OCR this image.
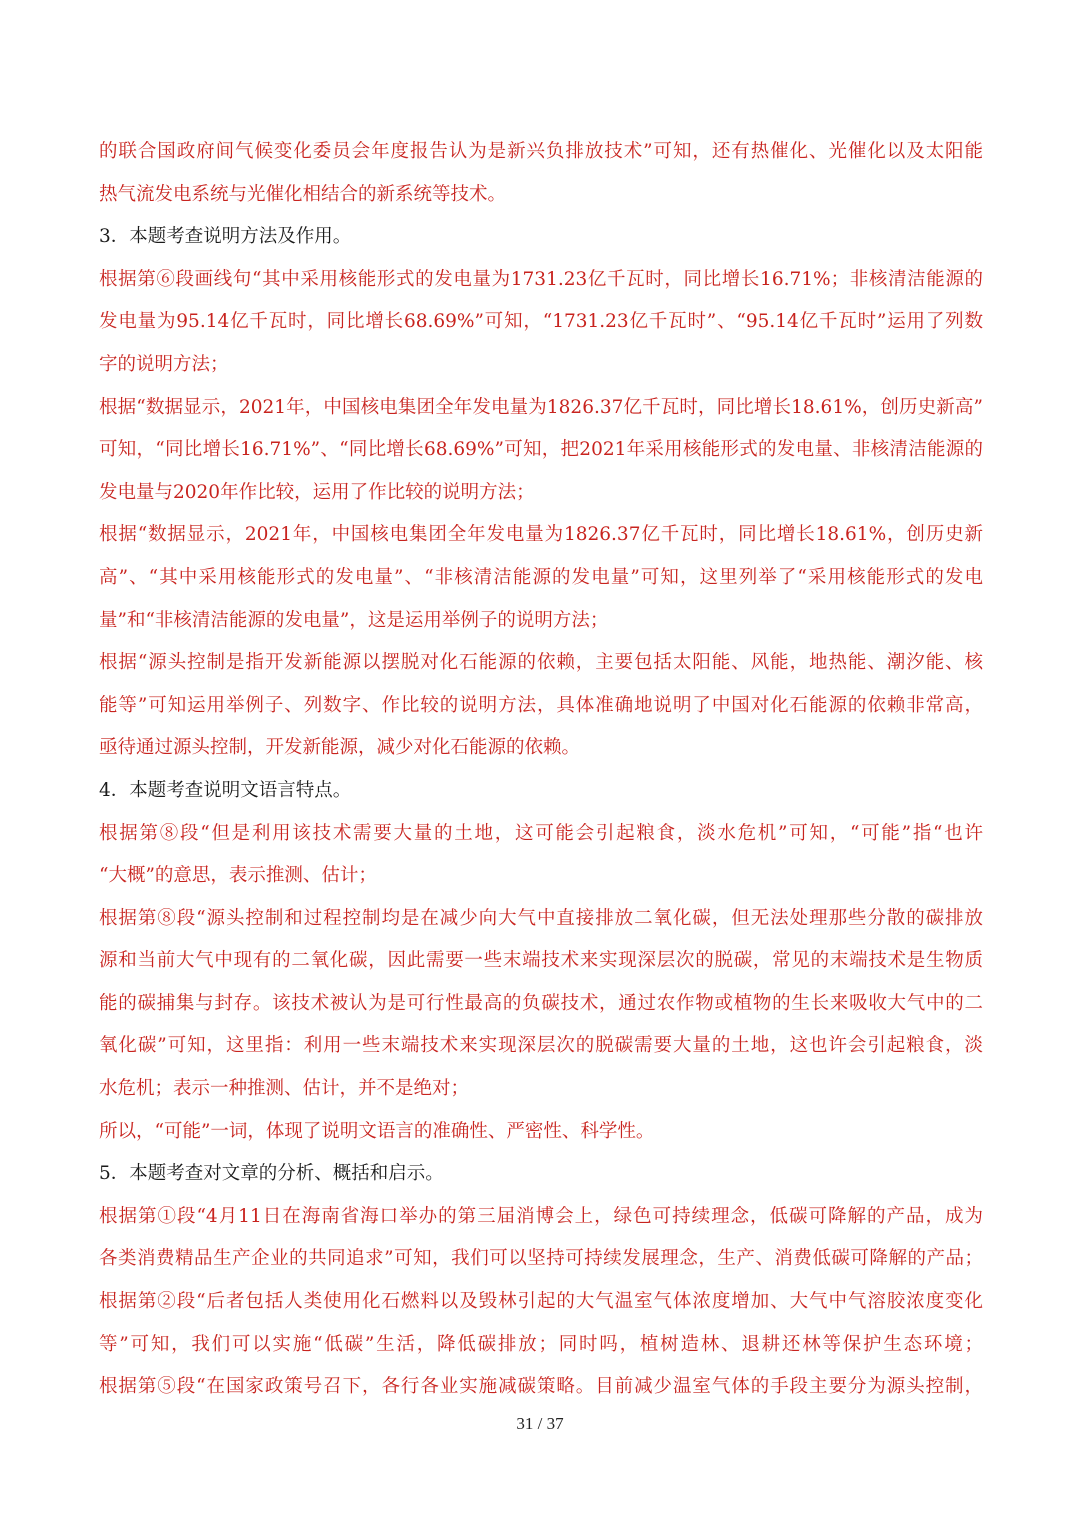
的联合国政府间气候变化委员会年度报告认为是新兴负排放技术”可知，还有热催化、光催化以及太阳能
热气流发电系统与光催化相结合的新系统等技术。
3．本题考查说明方法及作用。
根据第⑥段画线句“其中采用核能形式的发电量为1731.23亿千瓦时，同比增长16.71%；非核清洁能源的
发电量为95.14亿千瓦时，同比增长68.69%”可知，“1731.23亿千瓦时”、“95.14亿千瓦时”运用了列数
字的说明方法；
根据“数据显示，2021年，中国核电集团全年发电量为1826.37亿千瓦时，同比增长18.61%，创历史新高”
可知，“同比增长16.71%”、“同比增长68.69%”可知，把2021年采用核能形式的发电量、非核清洁能源的
发电量与2020年作比较，运用了作比较的说明方法；
根据“数据显示，2021年，中国核电集团全年发电量为1826.37亿千瓦时，同比增长18.61%，创历史新
高”、“其中采用核能形式的发电量”、“非核清洁能源的发电量”可知，这里列举了“采用核能形式的发电
量”和“非核清洁能源的发电量”，这是运用举例子的说明方法；
根据“源头控制是指开发新能源以摆脱对化石能源的依赖，主要包括太阳能、风能，地热能、潮汐能、核
能等”可知运用举例子、列数字、作比较的说明方法，具体准确地说明了中国对化石能源的依赖非常高，
亟待通过源头控制，开发新能源，减少对化石能源的依赖。
4．本题考查说明文语言特点。
根据第⑧段“但是利用该技术需要大量的土地，这可能会引起粮食，淡水危机”可知，“可能”指“也许
“大概”的意思，表示推测、估计；
根据第⑧段“源头控制和过程控制均是在减少向大气中直接排放二氧化碳，但无法处理那些分散的碳排放
源和当前大气中现有的二氧化碳，因此需要一些末端技术来实现深层次的脱碳，常见的末端技术是生物质
能的碳捕集与封存。该技术被认为是可行性最高的负碳技术，通过农作物或植物的生长来吸收大气中的二
氧化碳”可知，这里指：利用一些末端技术来实现深层次的脱碳需要大量的土地，这也许会引起粮食，淡
水危机；表示一种推测、估计，并不是绝对；
所以，“可能”一词，体现了说明文语言的准确性、严密性、科学性。
5．本题考查对文章的分析、概括和启示。
根据第①段“4月11日在海南省海口举办的第三届消博会上，绿色可持续理念，低碳可降解的产品，成为
各类消费精品生产企业的共同追求”可知，我们可以坚持可持续发展理念，生产、消费低碳可降解的产品；
根据第②段“后者包括人类使用化石燃料以及毁林引起的大气温室气体浓度增加、大气中气溶胶浓度变化
等”可知，我们可以实施“低碳”生活，降低碳排放；同时吗，植树造林、退耕还林等保护生态环境；
根据第⑤段“在国家政策号召下，各行各业实施减碳策略。目前减少温室气体的手段主要分为源头控制，
31 / 37
